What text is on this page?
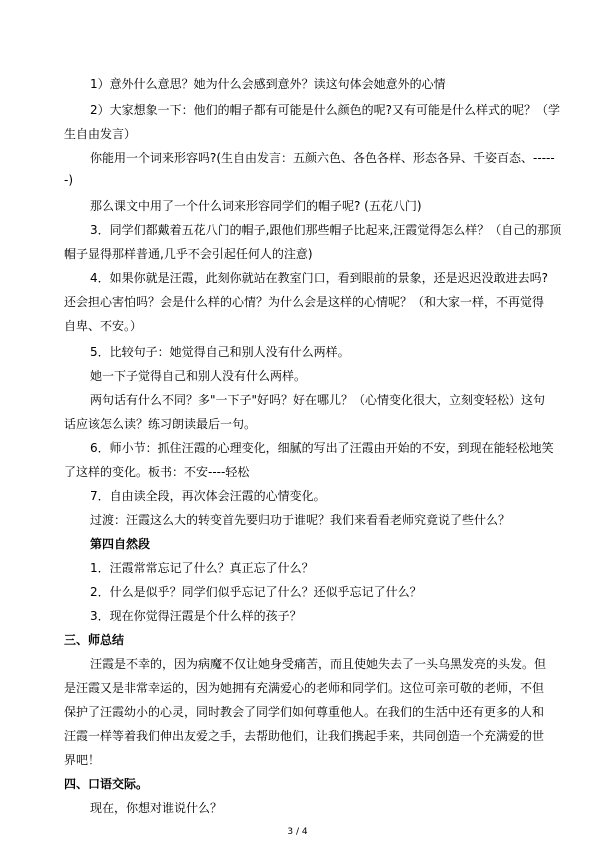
1）意外什么意思？她为什么会感到意外？读这句体会她意外的心情
2）大家想象一下：他们的帽子都有可能是什么颜色的呢?又有可能是什么样式的呢？（学
生自由发言）
你能用一个词来形容吗?(生自由发言：五颜六色、各色各样、形态各异、千姿百态、-----
-)
那么课文中用了一个什么词来形容同学们的帽子呢? (五花八门)
3．同学们都戴着五花八门的帽子,跟他们那些帽子比起来,汪霞觉得怎么样？（自己的那顶
帽子显得那样普通,几乎不会引起任何人的注意)
4．如果你就是汪霞，此刻你就站在教室门口，看到眼前的景象，还是迟迟没敢进去吗?
还会担心害怕吗？会是什么样的心情？为什么会是这样的心情呢？（和大家一样，不再觉得
自卑、不安。）
5．比较句子：她觉得自己和别人没有什么两样。
她一下子觉得自己和别人没有什么两样。
两句话有什么不同？多"一下子"好吗？好在哪儿？（心情变化很大，立刻变轻松）这句
话应该怎么读？练习朗读最后一句。
6．师小节：抓住汪霞的心理变化，细腻的写出了汪霞由开始的不安，到现在能轻松地笑
了这样的变化。板书：不安----轻松
7．自由读全段，再次体会汪霞的心情变化。
过渡：汪霞这么大的转变首先要归功于谁呢？我们来看看老师究竟说了些什么？
第四自然段
1．汪霞常常忘记了什么？真正忘了什么？
2．什么是似乎？同学们似乎忘记了什么？还似乎忘记了什么？
3．现在你觉得汪霞是个什么样的孩子？
三、师总结
汪霞是不幸的，因为病魔不仅让她身受痛苦，而且使她失去了一头乌黑发亮的头发。但
是汪霞又是非常幸运的，因为她拥有充满爱心的老师和同学们。这位可亲可敬的老师，不但
保护了汪霞幼小的心灵，同时教会了同学们如何尊重他人。在我们的生活中还有更多的人和
汪霞一样等着我们伸出友爱之手，去帮助他们，让我们携起手来，共同创造一个充满爱的世
界吧！
四、口语交际。
现在，你想对谁说什么？
3 / 4
